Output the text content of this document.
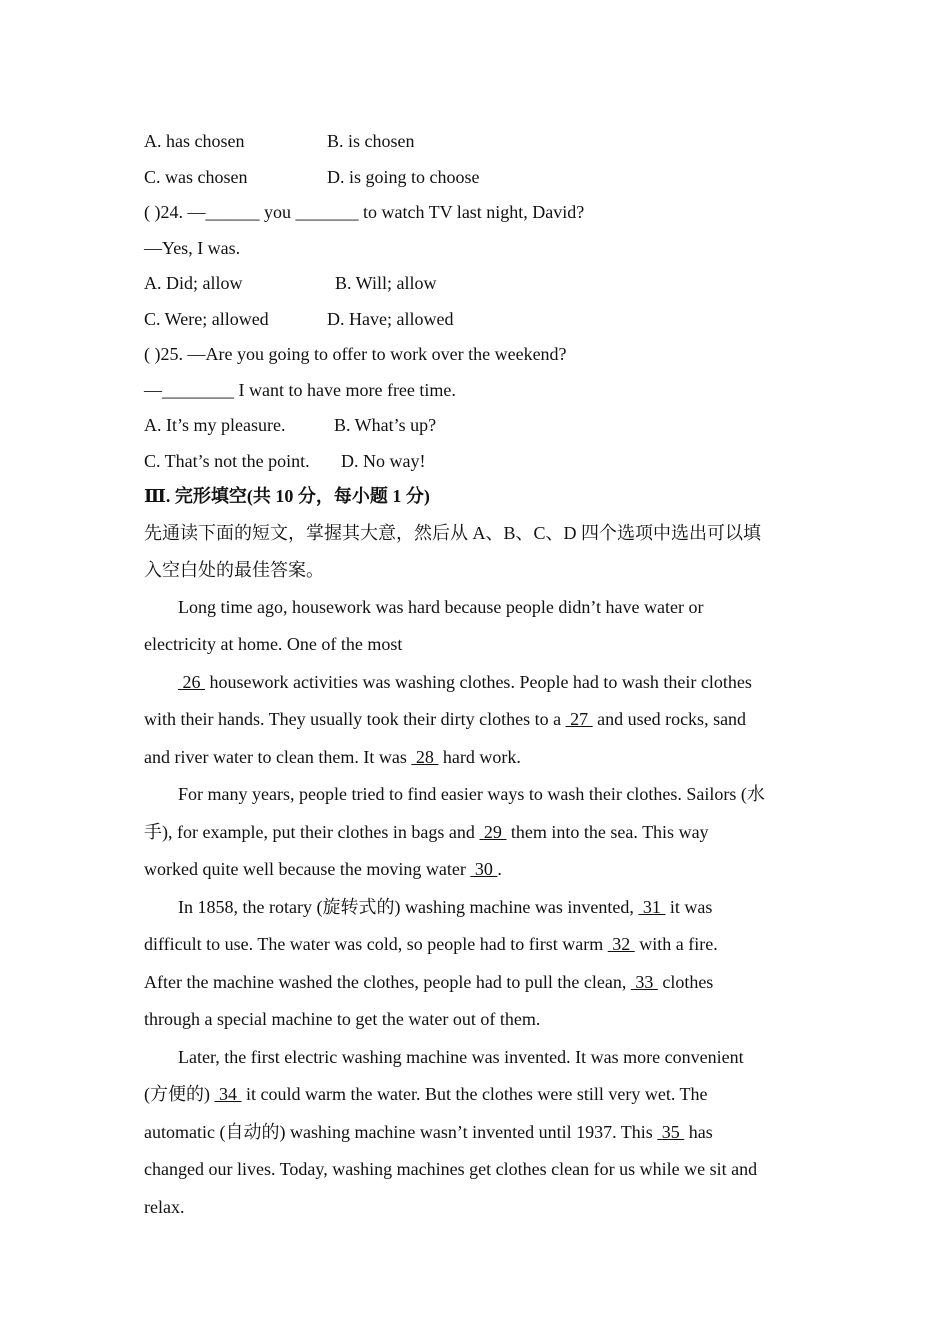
A. has chosen	B. is chosen
C. was chosen	D. is going to choose
( )24. —______ you _______ to watch TV last night, David?
—Yes, I was.
A. Did; allow	B. Will; allow
C. Were; allowed	D. Have; allowed
( )25. —Are you going to offer to work over the weekend?
—________ I want to have more free time.
A. It’s my pleasure.	B. What’s up?
C. That’s not the point. D. No way!
Ⅲ. 完形填空(共 10 分，每小题 1 分)
先通读下面的短文，掌握其大意，然后从 A、B、C、D 四个选项中选出可以填
入空白处的最佳答案。
Long time ago, housework was hard because people didn’t have water or
electricity at home. One of the most
26  housework activities was washing clothes. People had to wash their clothes
with their hands. They usually took their dirty clothes to a  27  and used rocks, sand
and river water to clean them. It was  28  hard work.
For many years, people tried to find easier ways to wash their clothes. Sailors (水
手), for example, put their clothes in bags and  29  them into the sea. This way
worked quite well because the moving water  30 .
In 1858, the rotary (旋转式的) washing machine was invented,  31  it was
difficult to use. The water was cold, so people had to first warm  32  with a fire.
After the machine washed the clothes, people had to pull the clean,  33  clothes
through a special machine to get the water out of them.
Later, the first electric washing machine was invented. It was more convenient
(方便的)  34  it could warm the water. But the clothes were still very wet. The
automatic (自动的) washing machine wasn’t invented until 1937. This  35  has
changed our lives. Today, washing machines get clothes clean for us while we sit and
relax.
